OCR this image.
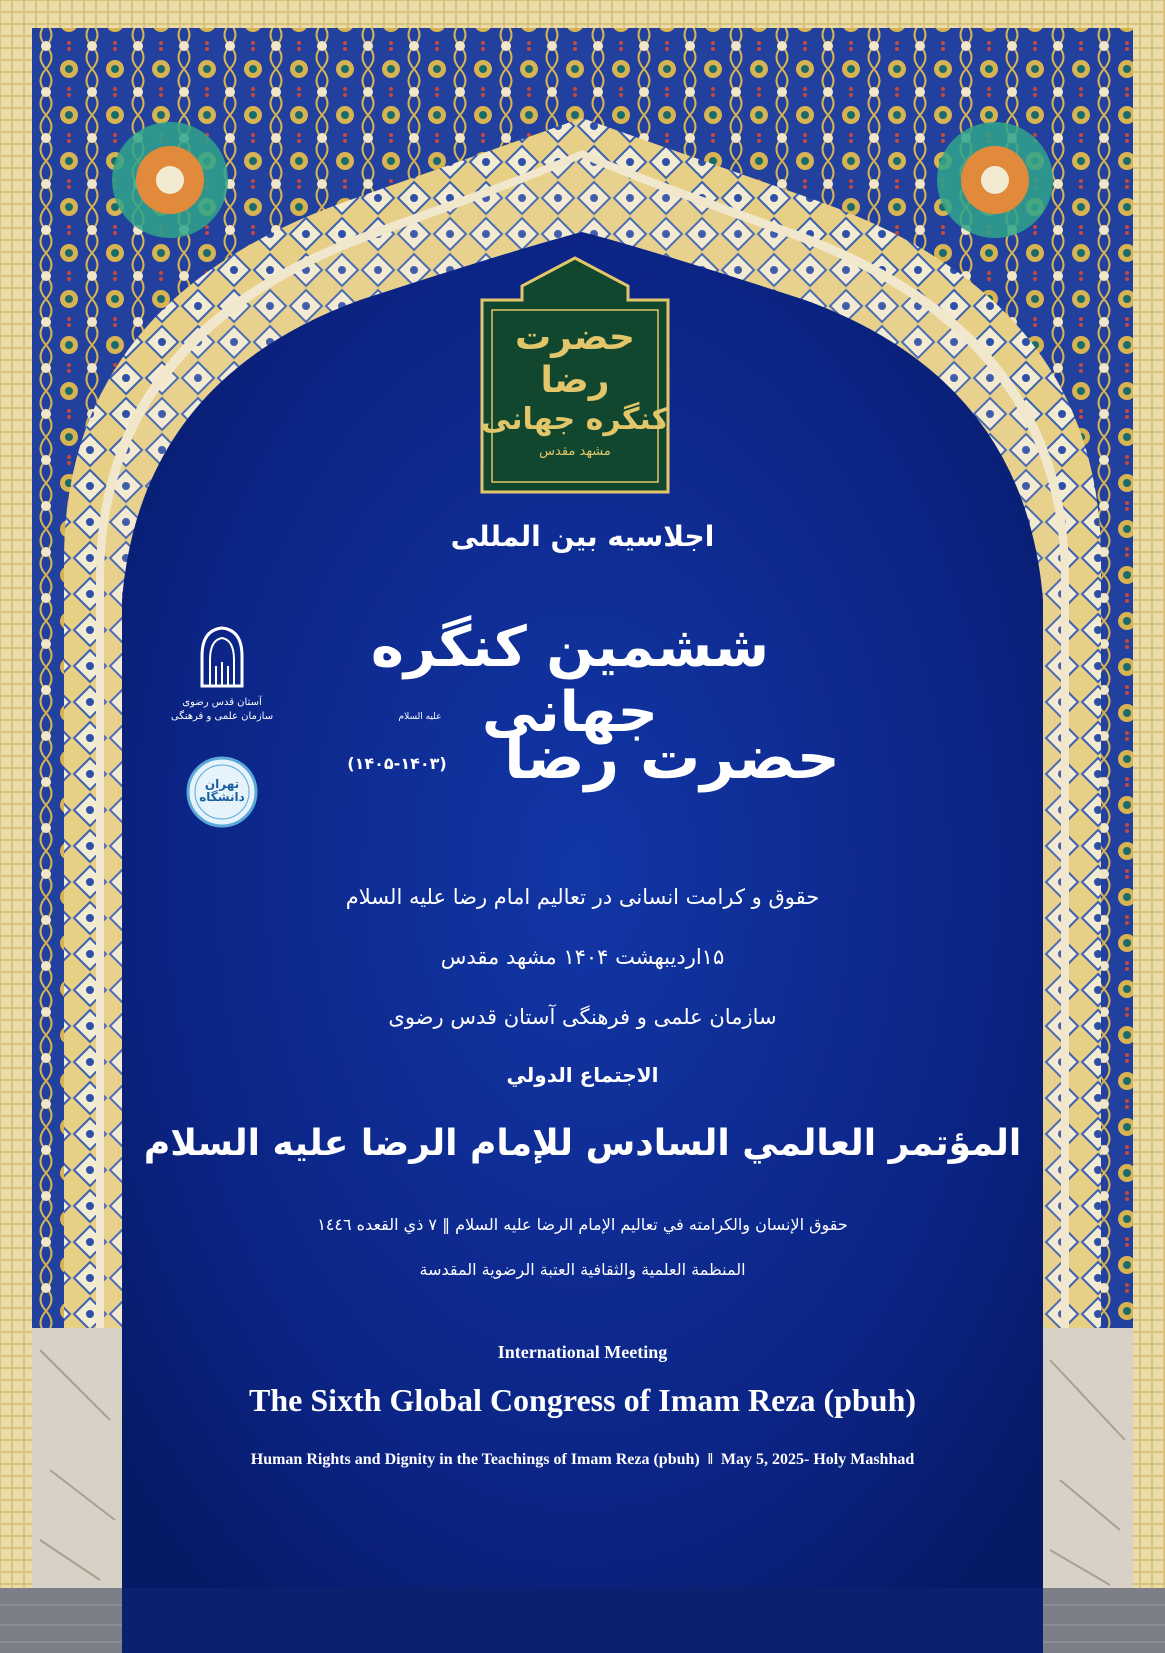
حضرت رضا
کنگره جهانی
مشهد مقدس
آستان قدس رضوی
سازمان علمی و فرهنگی
تهران
دانشگاه
اجلاسیه بین المللی
ششمین کنگره جهانی
علیه السلام
حضرت رضا
(۱۴۰۵-۱۴۰۳)
حقوق و کرامت انسانی در تعالیم امام رضا علیه السلام
۱۵اردیبهشت ۱۴۰۴ مشهد مقدس
سازمان علمی و فرهنگی آستان قدس رضوی
الاجتماع الدولي
المؤتمر العالمي السادس للإمام الرضا عليه السلام
حقوق الإنسان والكرامته في تعاليم الإمام الرضا عليه السلام ‖ ٧ ذي القعده ١٤٤٦
المنظمة العلمية والثقافية العتبة الرضوية المقدسة
International Meeting
The Sixth Global Congress of Imam Reza (pbuh)
Human Rights and Dignity in the Teachings of Imam Reza (pbuh)  ‖  May 5, 2025- Holy Mashhad
